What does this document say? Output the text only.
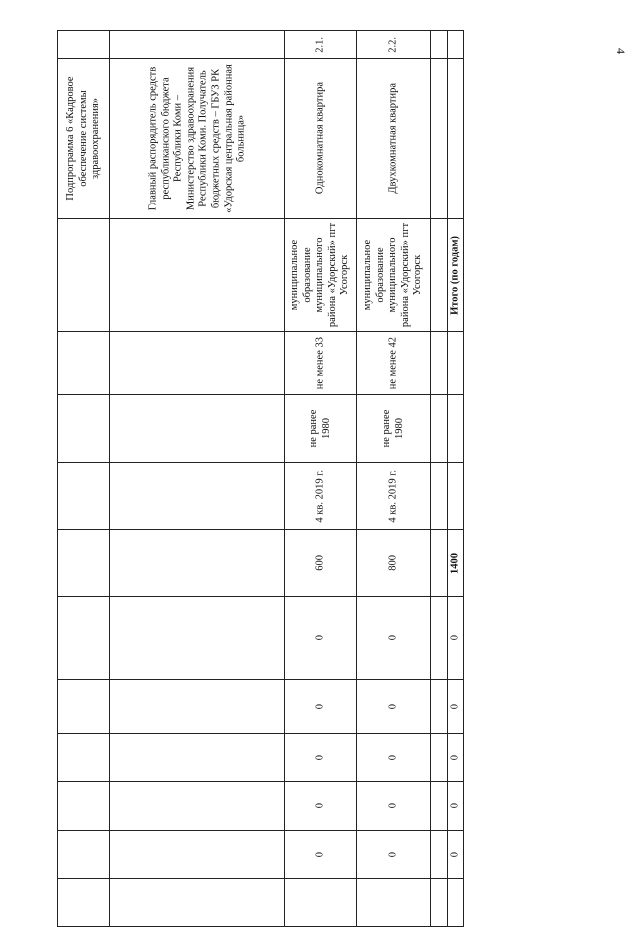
4
		Итого (по годам)				1400	0	0	0	0	0	

2.2.	Двухкомнатная квартира	муниципальное образование муниципального района «Удорский» пгт Усогорск	не менее 42	не ранее 1980	4 кв. 2019 г.	800	0	0	0	0	0	
2.1.	Однокомнатная квартира	муниципальное образование муниципального района «Удорский» пгт Усогорск	не менее 33	не ранее 1980	4 кв. 2019 г.	600	0	0	0	0	0	
	Главный распорядитель средств республиканского бюджета Республики Коми – Министерство здравоохранения Республики Коми. Получатель бюджетных средств – ГБУЗ РК «Удорская центральная районная больница»											
	Подпрограмма 6 «Кадровое обеспечение системы здравоохранения»											
